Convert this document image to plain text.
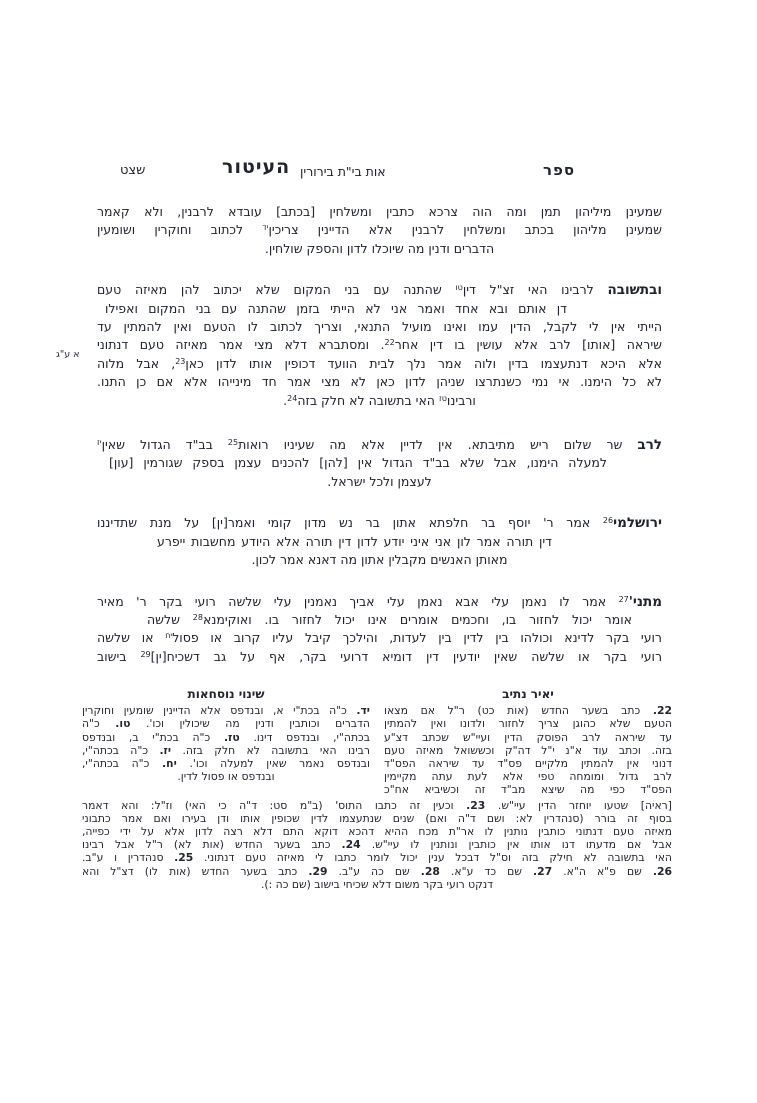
ספר
אות בי"ת בירורין
העיטור
שצט
א ע"ג
שמעינן מיליהון תמן ומה הוה צרכא כתבין ומשלחין [בכתב] עובדא לרבנין, ולא קאמר
שמעינן מליהון בכתב ומשלחין לרבנין אלא הדיינין צריכין$^{יד}$ לכתוב וחוקרין ושומעין
הדברים ודנין מה שיוכלו לדון והספק שולחין.
ובתשובה לרבינו האי זצ"ל דין$^{טו}$ שהתנה עם בני המקום שלא יכתוב להן מאיזה טעם
דן אותם ובא אחד ואמר אני לא הייתי בזמן שהתנה עם בני המקום ואפילו
הייתי אין לי לקבל, הדין עמו ואינו מועיל התנאי, וצריך לכתוב לו הטעם ואין להמתין עד
שיראה [אותו] לרב אלא עושין בו דין אחר$^{22}$. ומסתברא דלא מצי אמר מאיזה טעם דנתוני
אלא היכא דנתעצמו בדין ולוה אמר נלך לבית הוועד דכופין אותו לדון כאן$^{23}$, אבל מלוה
לא כל הימנו. אי נמי כשנתרצו שניהן לדון כאן לא מצי אמר חד מינייהו אלא אם כן התנו.
ורבינו$^{טז}$ האי בתשובה לא חלק בזה$^{24}$.
לרב שר שלום ריש מתיבתא. אין לדיין אלא מה שעיניו רואות$^{25}$ בב"ד הגדול שאין$^{יז}$
למעלה הימנו, אבל שלא בב"ד הגדול אין [להן] להכנים עצמן בספק שגורמין [עון]
לעצמן ולכל ישראל.
ירושלמי$^{26}$ אמר ר' יוסף בר חלפתא אתון בר נש מדון קומי ואמר[ין] על מנת שתדיננו
דין תורה אמר לון אני איני יודע לדון דין תורה אלא היודע מחשבות ייפרע
מאותן האנשים מקבלין אתון מה דאנא אמר לכון.
$מתני'^{27}$ אמר לו נאמן עלי אבא נאמן עלי אביך נאמנין עלי שלשה רועי בקר ר' מאיר
אומר יכול לחזור בו, וחכמים אומרים אינו יכול לחזור בו. ואוקימנא$^{28}$ שלשה
רועי בקר לדינא וכולהו בין לדין בין לעדות, והילכך קיבל עליו קרוב או פסול$^{יח}$ או שלשה
רועי בקר או שלשה שאין יודעין דין דומיא דרועי בקר, אף על גב דשכיח[ין]$^{29}$ בישוב
יאיר נתיב
22. כתב בשער החדש (אות כט) ר"ל אם מצאו
הטעם שלא כהוגן צריך לחזור ולדונו ואין להמתין
עד שיראה לרב הפוסק הדין ועיי"ש שכתב דצ"ע
בזה. וכתב עוד א"נ י"ל דה"ק וכששואל מאיזה טעם
דנוני אין להמתין מלקיים פס"ד עד שיראה הפס"ד
לרב גדול ומומחה טפי אלא לעת עתה מקיימין
הפס"ד כפי מה שיצא מב"ד זה וכשיביא אח"כ
שינוי נוסחאות
יד. כ"ה בכת"י א, ובנדפס אלא הדיינין שומעין וחוקרין
הדברים וכותבין ודנין מה שיכולין וכו'. טו. כ"ה
בכתה"י, ובנדפס דינו. טז. כ"ה בכת"י ב, ובנדפס
רבינו האי בתשובה לא חלק בזה. יז. כ"ה בכתה"י,
ובנדפס נאמר שאין למעלה וכו'. יח. כ"ה בכתה"י,
ובנדפס או פסול לדין.
[ראיה] שטעו יוחזר הדין עיי"ש. 23. וכעין זה כתבו התוס' (ב"מ סט: ד"ה כי האי) וז"ל: והא דאמר
בסוף זה בורר (סנהדרין לא: ושם ד"ה ואם) שנים שנתעצמו לדין שכופין אותו ודן בעירו ואם אמר כתבוני
מאיזה טעם דנתוני כותבין נותנין לו אר"ת מכח ההיא דהכא דוקא התם דלא רצה לדון אלא על ידי כפייה,
אבל אם מדעתו דנו אותו אין כותבין ונותנין לו עיי"ש. 24. כתב בשער החדש (אות לא) ר"ל אבל רבינו
האי בתשובה לא חילק בזה וס"ל דבכל ענין יכול לומר כתבו לי מאיזה טעם דנתוני. 25. סנהדרין ו ע"ב.
26. שם פ"א ה"א. 27. שם כד ע"א. 28. שם כה ע"ב. 29. כתב בשער החדש (אות לו) דצ"ל והא
דנקט רועי בקר משום דלא שכיחי בישוב (שם כה :).
